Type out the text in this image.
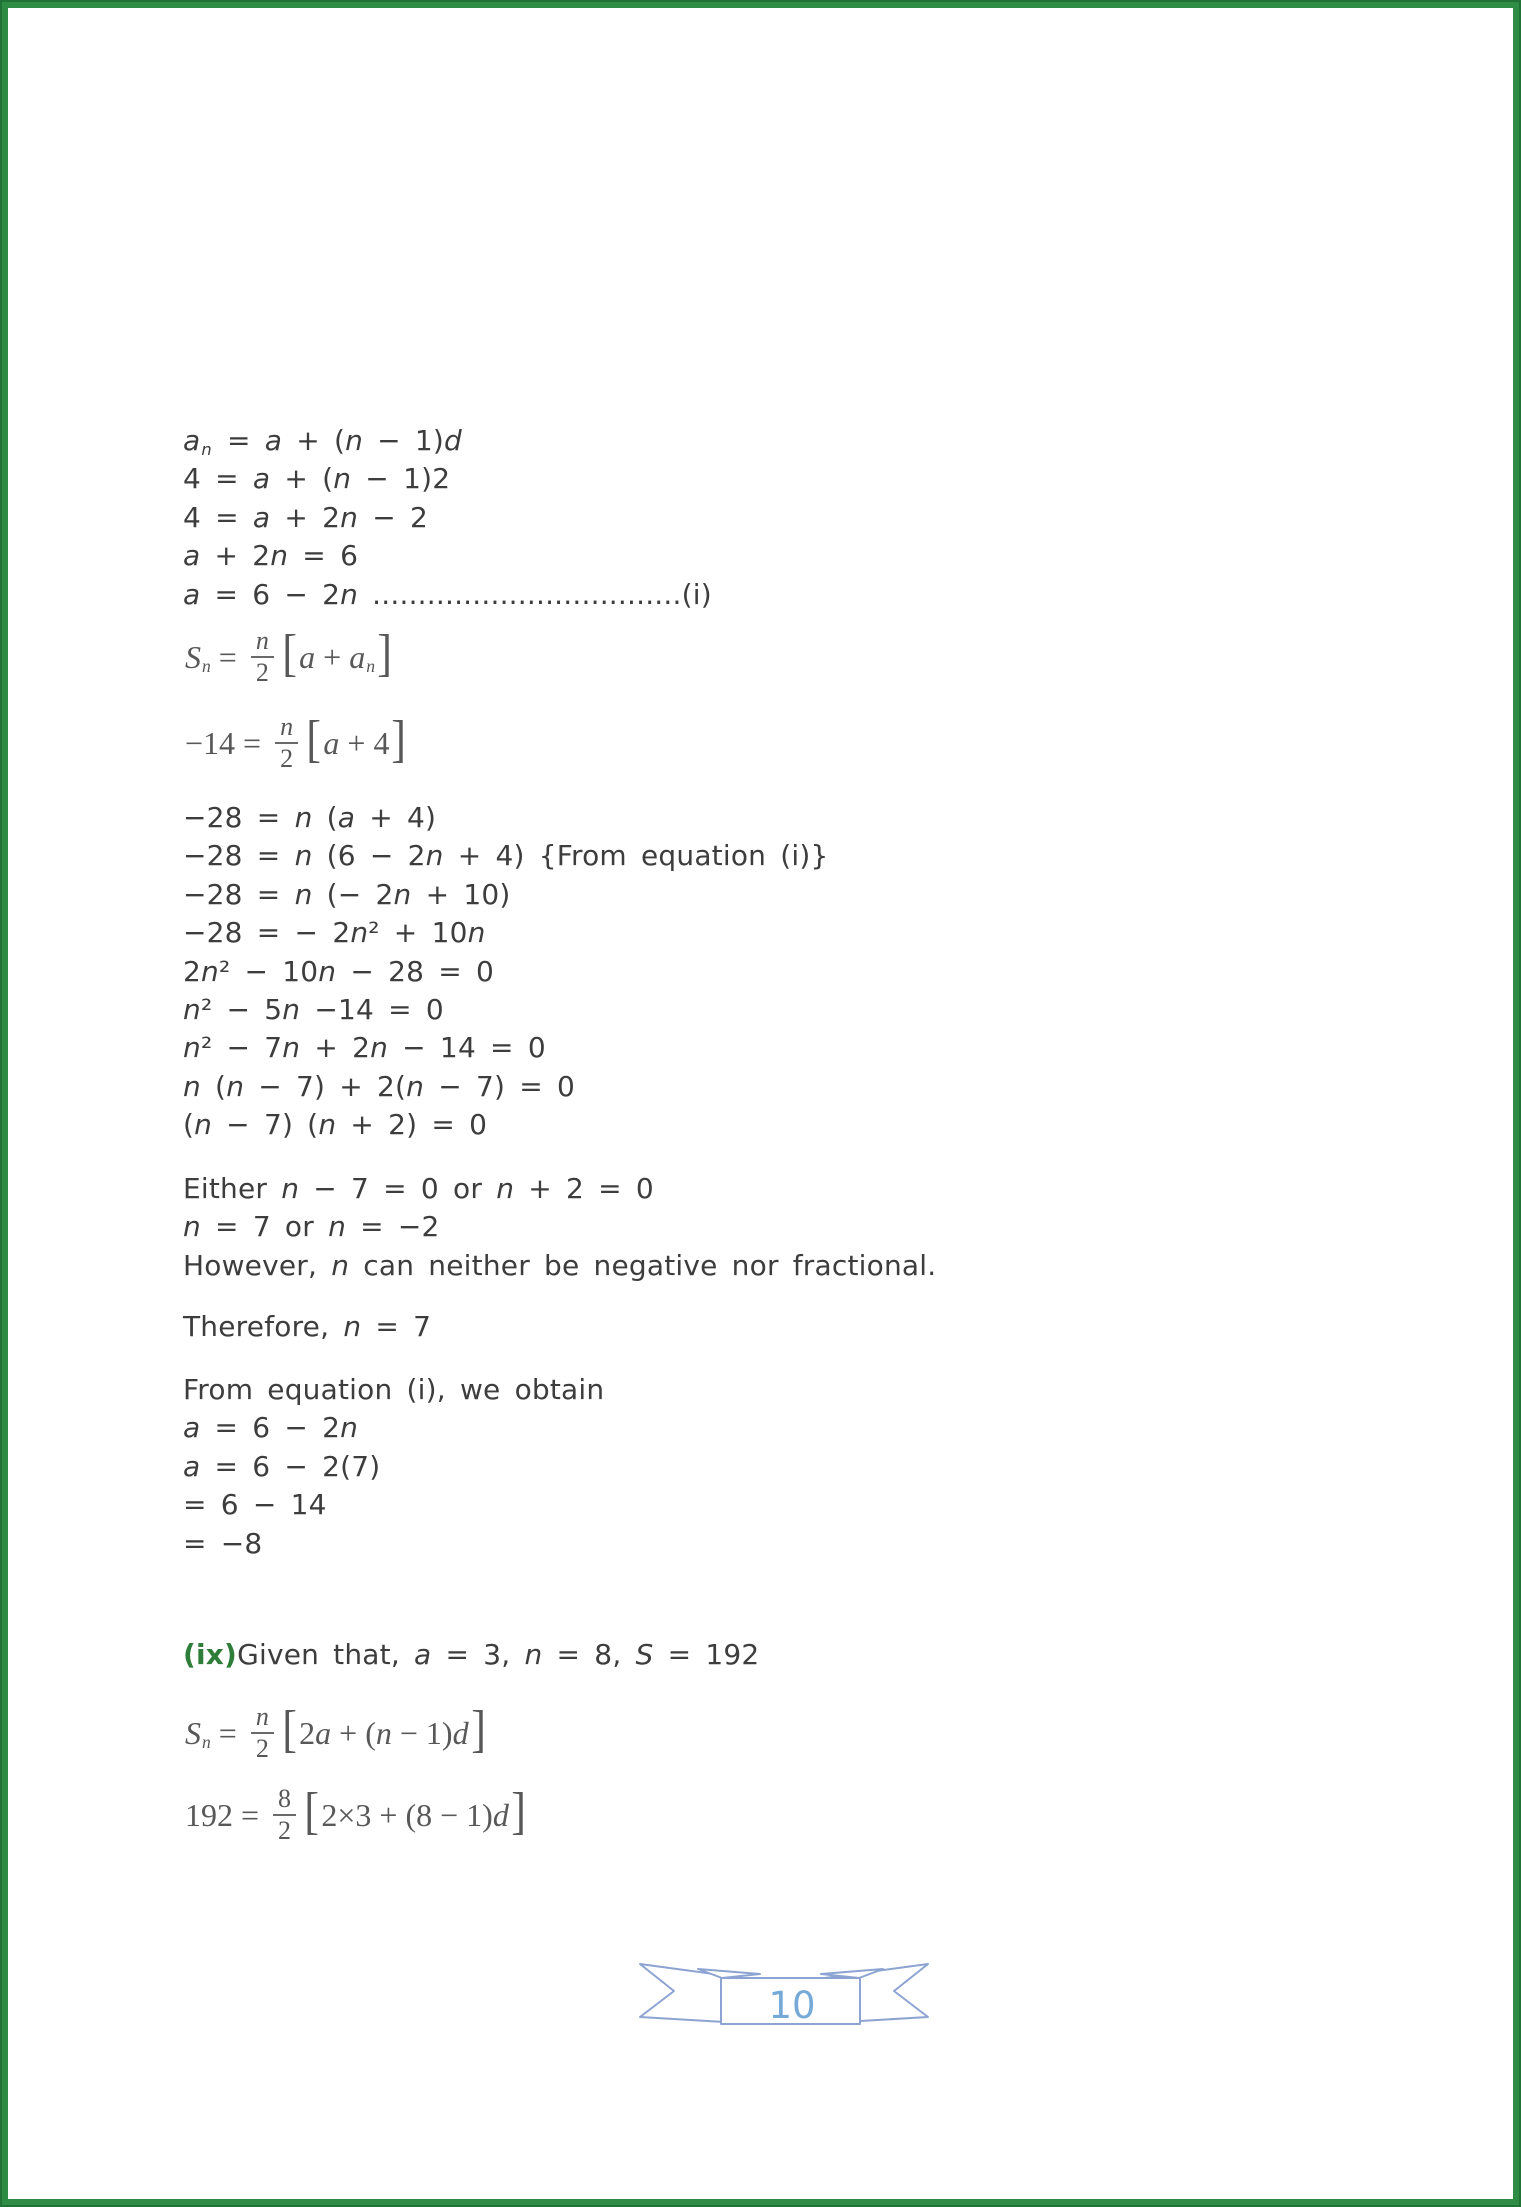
$a_n = a + (n - 1)d$
4 = a + (n − 1)2
4 = a + 2n − 2
a + 2n = 6
a = 6 − 2n ..................................(i)
$S_n = \frac{n}{2}$ [ $a + a_n$ ]
$-14 = \frac{n}{2}$ [ a + 4 ]
−28 = n (a + 4)
−28 = n (6 − 2n + 4) {From equation (i)}
−28 = n (− 2n + 10)
−28 = − 2n² + 10n
2n² − 10n − 28 = 0
n² − 5n −14 = 0
n² − 7n + 2n − 14 = 0
n (n − 7) + 2(n − 7) = 0
(n − 7) (n + 2) = 0
Either n − 7 = 0 or n + 2 = 0
n = 7 or n = −2
However, n can neither be negative nor fractional.
Therefore, n = 7
From equation (i), we obtain
a = 6 − 2n
a = 6 − 2(7)
= 6 − 14
= −8
(ix)Given that, a = 3, n = 8, S = 192
$S_n = \frac{n}{2}$ [ 2a + (n − 1)d ]
$192 = \frac{8}{2}$ [ 2×3 + (8 − 1)d ]
10
